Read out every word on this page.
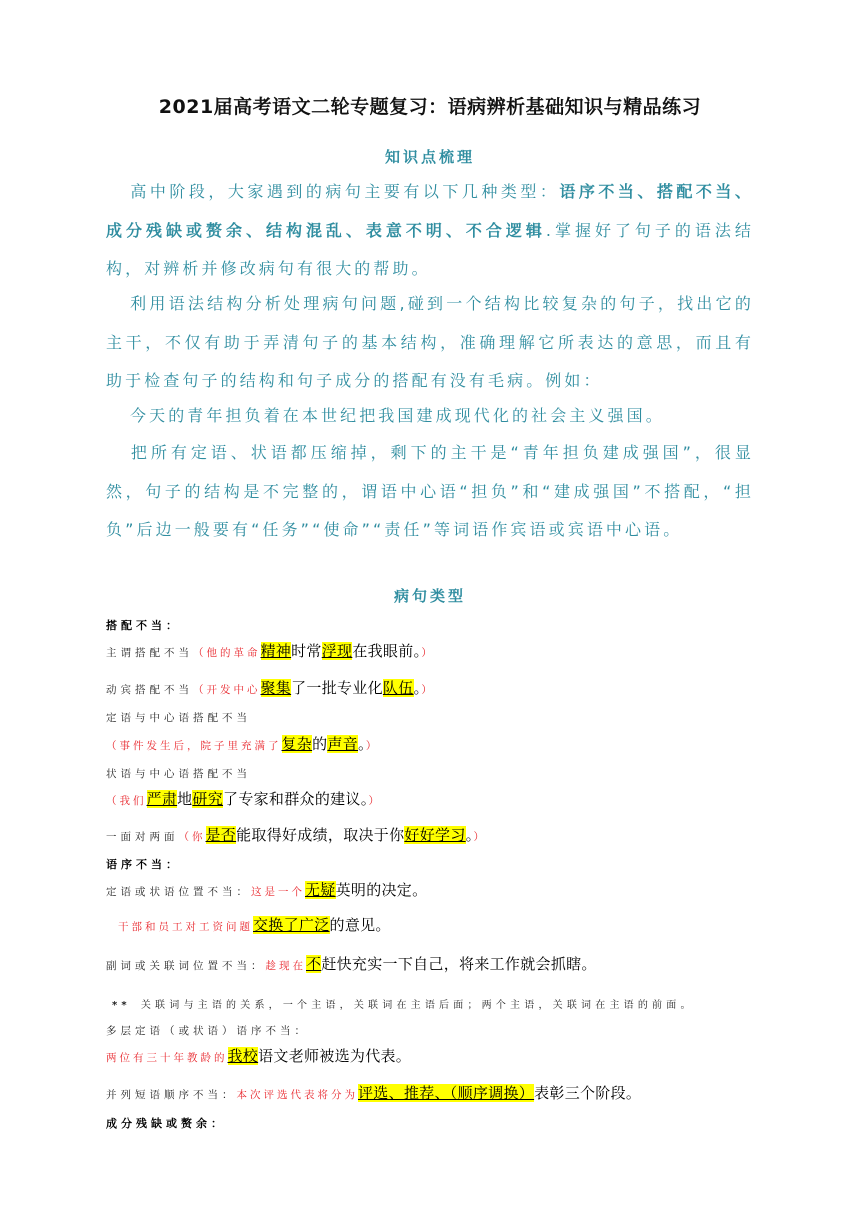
2021届高考语文二轮专题复习：语病辨析基础知识与精品练习
知识点梳理

高中阶段，大家遇到的病句主要有以下几种类型：语序不当、搭配不当、成分残缺或赘余、结构混乱、表意不明、不合逻辑.掌握好了句子的语法结构，对辨析并修改病句有很大的帮助。

利用语法结构分析处理病句问题,碰到一个结构比较复杂的句子，找出它的主干，不仅有助于弄清句子的基本结构，准确理解它所表达的意思，而且有助于检查句子的结构和句子成分的搭配有没有毛病。例如：

今天的青年担负着在本世纪把我国建成现代化的社会主义强国。

把所有定语、状语都压缩掉，剩下的主干是“青年担负建成强国”，很显然，句子的结构是不完整的，谓语中心语“担负”和“建成强国”不搭配，“担负”后边一般要有“任务”“使命”“责任”等词语作宾语或宾语中心语。

病句类型
搭配不当：
主谓搭配不当（他的革命精神时常浮现在我眼前。）
动宾搭配不当（开发中心聚集了一批专业化队伍。）
定语与中心语搭配不当
（事件发生后，院子里充满了复杂的声音。）
状语与中心语搭配不当
（我们严肃地研究了专家和群众的建议。）
一面对两面（你是否能取得好成绩，取决于你好好学习。）
语序不当：
定语或状语位置不当：这是一个无疑英明的决定。
干部和员工对工资问题交换了广泛的意见。
副词或关联词位置不当：趁现在不赶快充实一下自己，将来工作就会抓瞎。
** 关联词与主语的关系，一个主语，关联词在主语后面；两个主语，关联词在主语的前面。
多层定语（或状语）语序不当：
两位有三十年教龄的我校语文老师被选为代表。
并列短语顺序不当：本次评选代表将分为评选、推荐、（顺序调换）表彰三个阶段。
成分残缺或赘余：
